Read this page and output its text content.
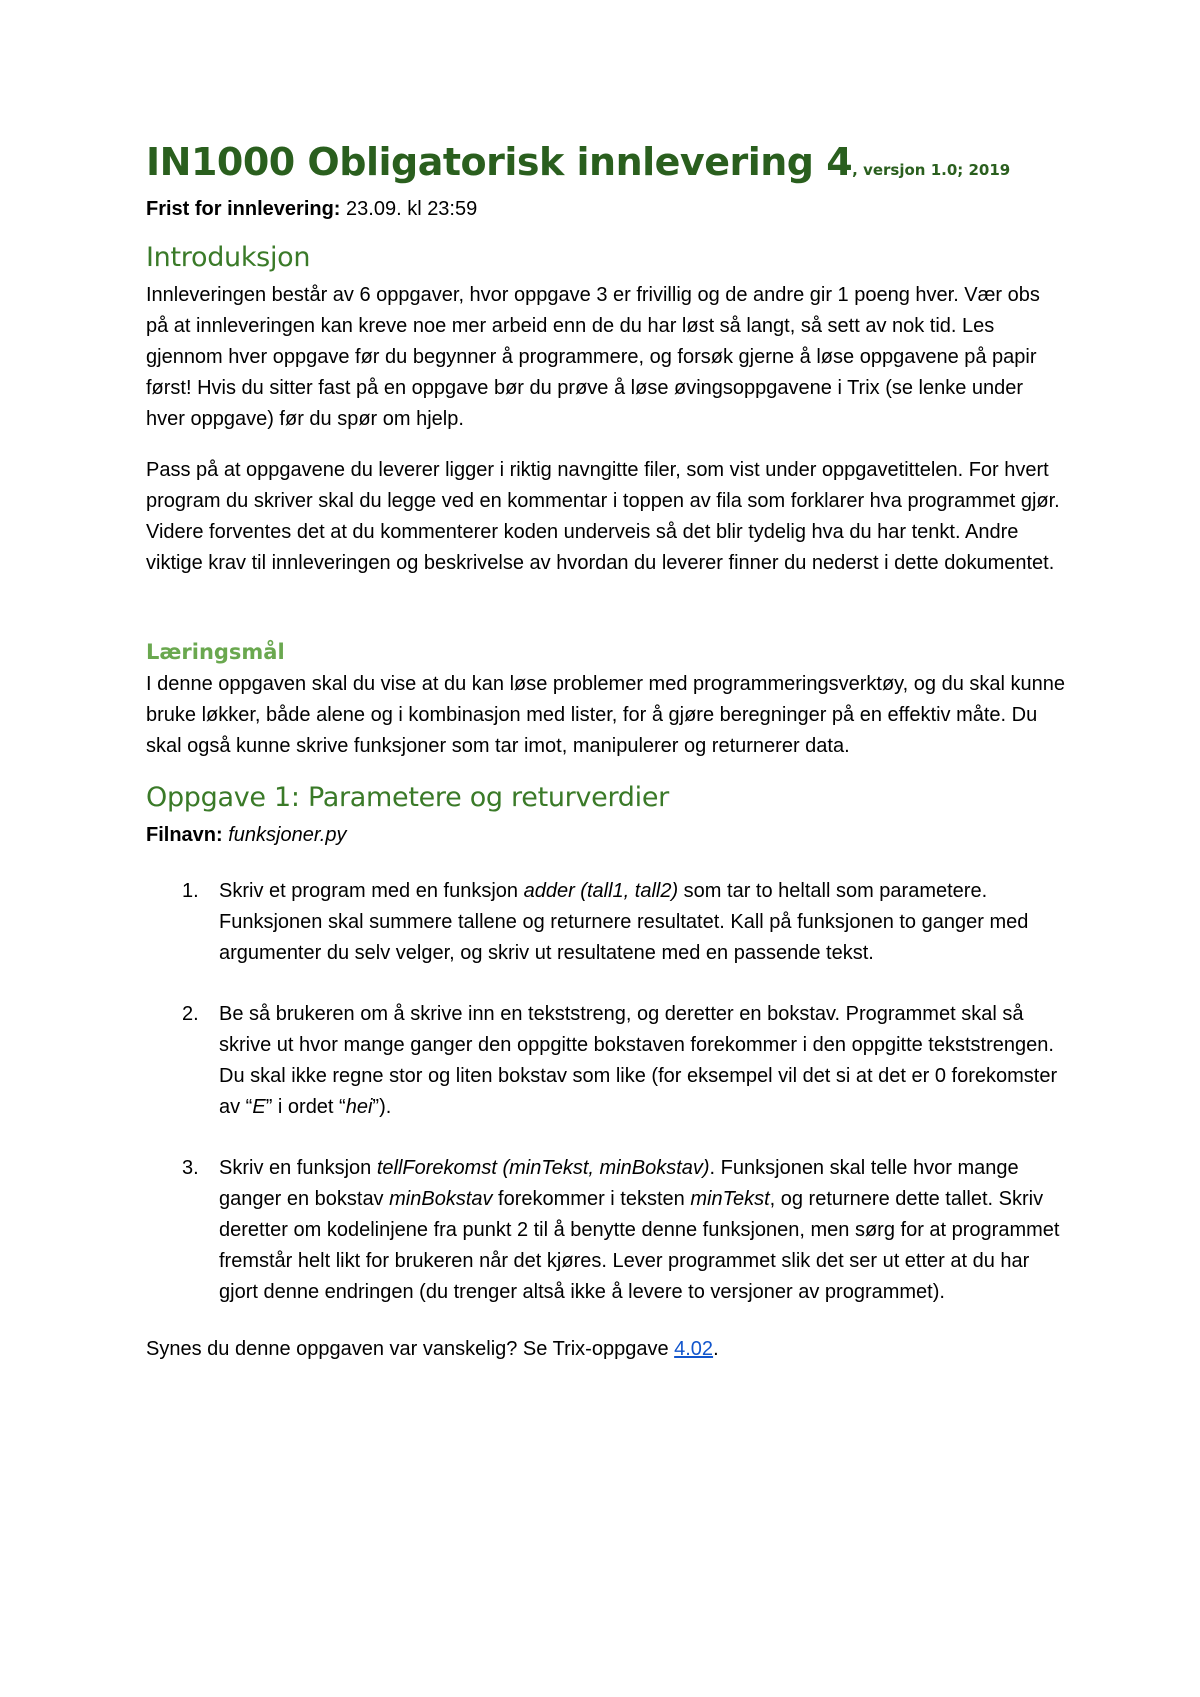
IN1000 Obligatorisk innlevering 4, versjon 1.0; 2019
Frist for innlevering: 23.09. kl 23:59
Introduksjon

Innleveringen består av 6 oppgaver, hvor oppgave 3 er frivillig og de andre gir 1 poeng hver. Vær obs på at innleveringen kan kreve noe mer arbeid enn de du har løst så langt, så sett av nok tid. Les gjennom hver oppgave før du begynner å programmere, og forsøk gjerne å løse oppgavene på papir først! Hvis du sitter fast på en oppgave bør du prøve å løse øvingsoppgavene i Trix (se lenke under hver oppgave) før du spør om hjelp.

Pass på at oppgavene du leverer ligger i riktig navngitte filer, som vist under oppgavetittelen. For hvert program du skriver skal du legge ved en kommentar i toppen av fila som forklarer hva programmet gjør. Videre forventes det at du kommenterer koden underveis så det blir tydelig hva du har tenkt. Andre viktige krav til innleveringen og beskrivelse av hvordan du leverer finner du nederst i dette dokumentet.

Læringsmål

I denne oppgaven skal du vise at du kan løse problemer med programmeringsverktøy, og du skal kunne bruke løkker, både alene og i kombinasjon med lister, for å gjøre beregninger på en effektiv måte. Du skal også kunne skrive funksjoner som tar imot, manipulerer og returnerer data.

Oppgave 1: Parametere og returverdier
Filnavn: funksjoner.py
1. Skriv et program med en funksjon adder (tall1, tall2) som tar to heltall som parametere. Funksjonen skal summere tallene og returnere resultatet. Kall på funksjonen to ganger med argumenter du selv velger, og skriv ut resultatene med en passende tekst.
2. Be så brukeren om å skrive inn en tekststreng, og deretter en bokstav. Programmet skal så skrive ut hvor mange ganger den oppgitte bokstaven forekommer i den oppgitte tekststrengen. Du skal ikke regne stor og liten bokstav som like (for eksempel vil det si at det er 0 forekomster av “E” i ordet “hei”).
3. Skriv en funksjon tellForekomst (minTekst, minBokstav). Funksjonen skal telle hvor mange ganger en bokstav minBokstav forekommer i teksten minTekst, og returnere dette tallet. Skriv deretter om kodelinjene fra punkt 2 til å benytte denne funksjonen, men sørg for at programmet fremstår helt likt for brukeren når det kjøres. Lever programmet slik det ser ut etter at du har gjort denne endringen (du trenger altså ikke å levere to versjoner av programmet).

Synes du denne oppgaven var vanskelig? Se Trix-oppgave 4.02.
